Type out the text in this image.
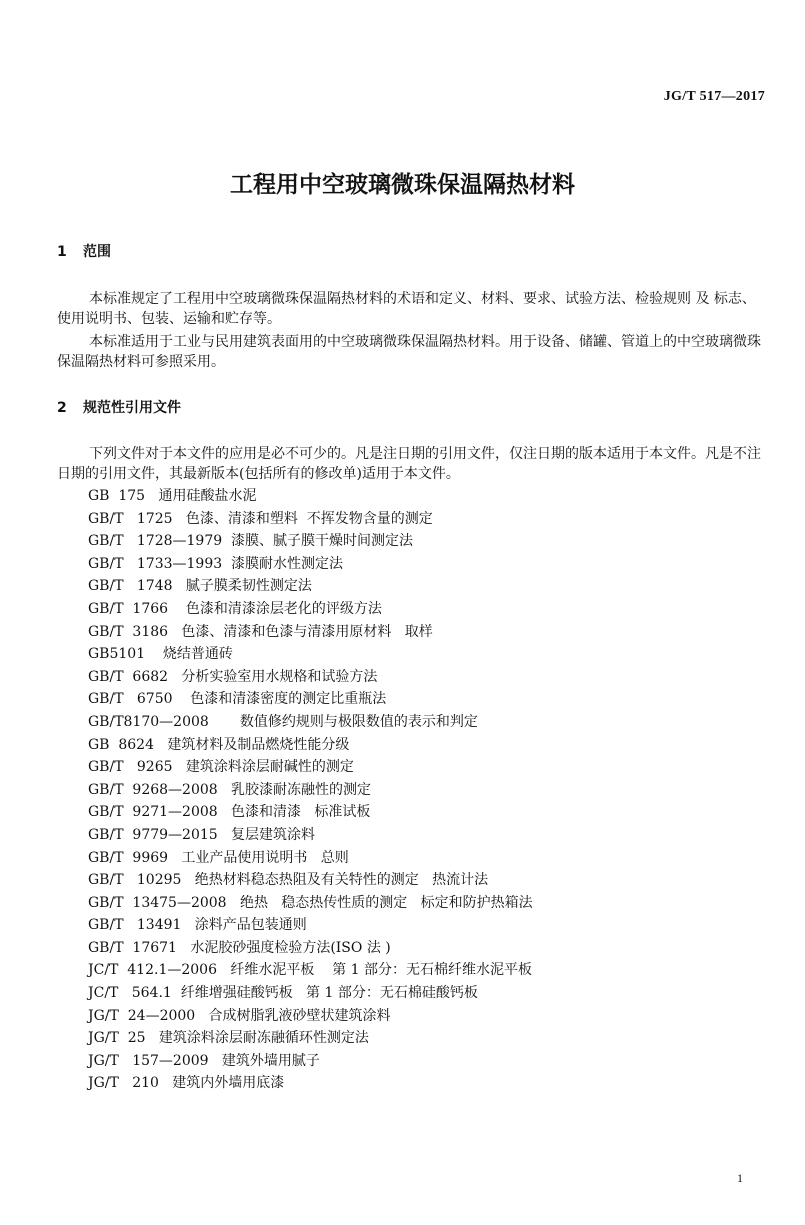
JG/T 517—2017
工程用中空玻璃微珠保温隔热材料
1 范围
本标准规定了工程用中空玻璃微珠保温隔热材料的术语和定义、材料、要求、试验方法、检验规则 及 标志、使用说明书、包装、运输和贮存等。
本标准适用于工业与民用建筑表面用的中空玻璃微珠保温隔热材料。用于设备、储罐、管道上的中空玻璃微珠保温隔热材料可参照采用。
2 规范性引用文件
下列文件对于本文件的应用是必不可少的。凡是注日期的引用文件，仅注日期的版本适用于本文件。凡是不注日期的引用文件，其最新版本(包括所有的修改单)适用于本文件。
GB  175   通用硅酸盐水泥
GB/T   1725   色漆、清漆和塑料  不挥发物含量的测定
GB/T   1728—1979  漆膜、腻子膜干燥时间测定法
GB/T   1733—1993  漆膜耐水性测定法
GB/T   1748   腻子膜柔韧性测定法
GB/T  1766    色漆和清漆涂层老化的评级方法
GB/T  3186   色漆、清漆和色漆与清漆用原材料   取样
GB5101    烧结普通砖
GB/T  6682   分析实验室用水规格和试验方法
GB/T   6750    色漆和清漆密度的测定比重瓶法
GB/T8170—2008       数值修约规则与极限数值的表示和判定
GB  8624   建筑材料及制品燃烧性能分级
GB/T   9265   建筑涂料涂层耐碱性的测定
GB/T  9268—2008   乳胶漆耐冻融性的测定
GB/T  9271—2008   色漆和清漆   标准试板
GB/T  9779—2015   复层建筑涂料
GB/T  9969   工业产品使用说明书   总则
GB/T   10295   绝热材料稳态热阻及有关特性的测定   热流计法
GB/T  13475—2008   绝热   稳态热传性质的测定   标定和防护热箱法
GB/T   13491   涂料产品包装通则
GB/T  17671   水泥胶砂强度检验方法(ISO 法 )
JC/T  412.1—2006   纤维水泥平板    第 1 部分：无石棉纤维水泥平板
JC/T   564.1  纤维增强硅酸钙板   第 1 部分：无石棉硅酸钙板
JG/T  24—2000   合成树脂乳液砂壁状建筑涂料
JG/T  25   建筑涂料涂层耐冻融循环性测定法
JG/T   157—2009   建筑外墙用腻子
JG/T   210   建筑内外墙用底漆
1
